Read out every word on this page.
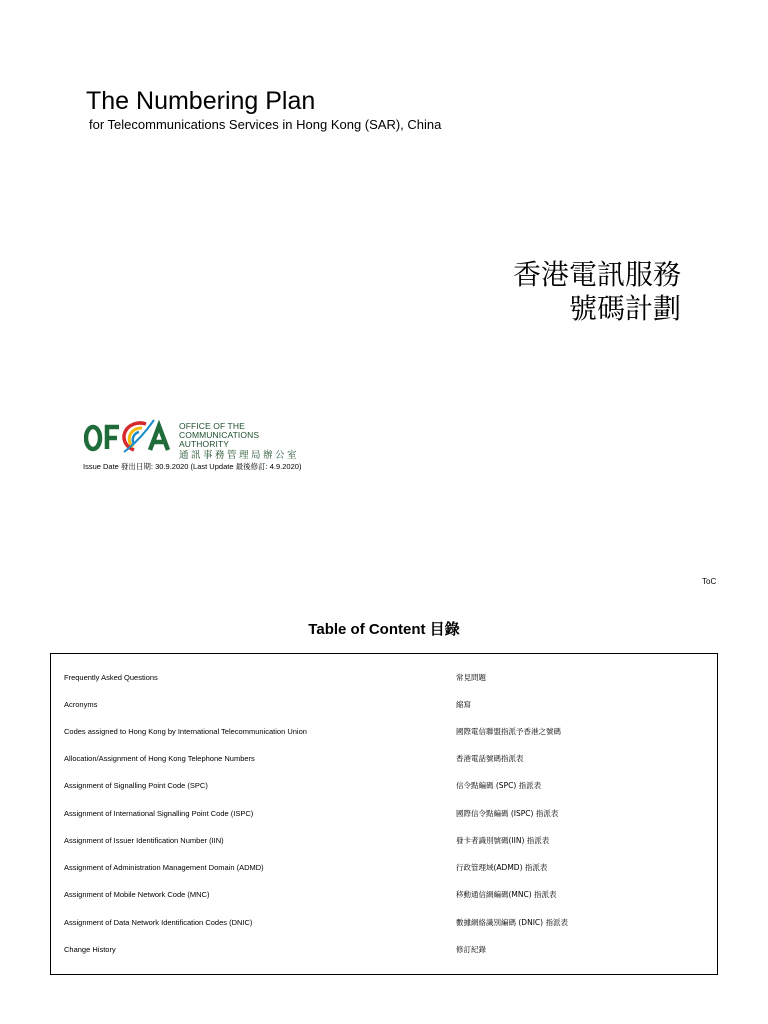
The Numbering Plan
for Telecommunications Services in Hong Kong (SAR), China
香港電訊服務
號碼計劃
OFFICE OF THE
COMMUNICATIONS AUTHORITY
通訊事務管理局辦公室
Issue Date 發出日期: 30.9.2020 (Last Update 最後修訂: 4.9.2020)
ToC
Table of Content 目錄
Frequently Asked Questions	常見問題
Acronyms	縮寫
Codes assigned to Hong Kong by International Telecommunication Union	國際電信聯盟指派予香港之號碼
Allocation/Assignment of Hong Kong Telephone Numbers	香港電話號碼指派表
Assignment of Signalling Point Code (SPC)	信令點編碼 (SPC) 指派表
Assignment of International Signalling Point Code (ISPC)	國際信令點編碼 (ISPC) 指派表
Assignment of Issuer Identification Number (IIN)	發卡者識別號碼(IIN) 指派表
Assignment of Administration Management Domain (ADMD)	行政管理域(ADMD) 指派表
Assignment of Mobile Network Code (MNC)	移動通信網編碼(MNC) 指派表
Assignment of Data Network Identification Codes (DNIC)	數據網絡識別編碼 (DNIC) 指派表
Change History	修訂紀錄
